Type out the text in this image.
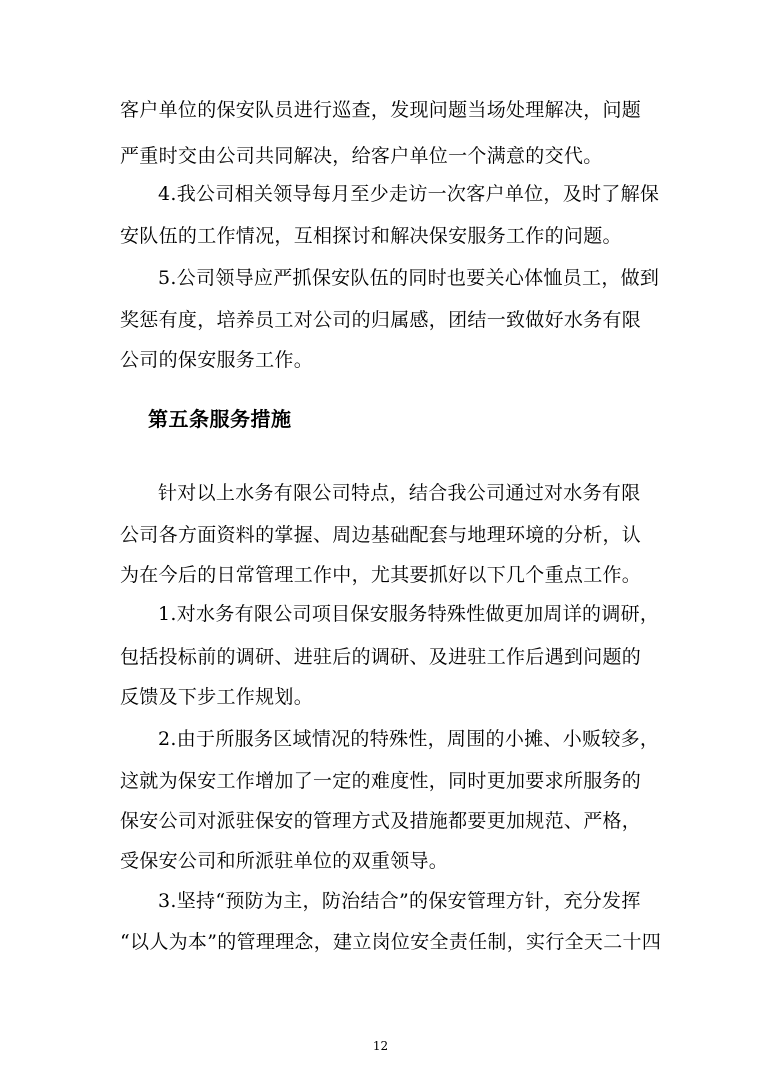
客户单位的保安队员进行巡查，发现问题当场处理解决，问题
严重时交由公司共同解决，给客户单位一个满意的交代。
4.我公司相关领导每月至少走访一次客户单位，及时了解保
安队伍的工作情况，互相探讨和解决保安服务工作的问题。
5.公司领导应严抓保安队伍的同时也要关心体恤员工，做到
奖惩有度，培养员工对公司的归属感，团结一致做好水务有限
公司的保安服务工作。
第五条服务措施
针对以上水务有限公司特点，结合我公司通过对水务有限
公司各方面资料的掌握、周边基础配套与地理环境的分析，认
为在今后的日常管理工作中，尤其要抓好以下几个重点工作。
1.对水务有限公司项目保安服务特殊性做更加周详的调研，
包括投标前的调研、进驻后的调研、及进驻工作后遇到问题的
反馈及下步工作规划。
2.由于所服务区域情况的特殊性，周围的小摊、小贩较多，
这就为保安工作增加了一定的难度性，同时更加要求所服务的
保安公司对派驻保安的管理方式及措施都要更加规范、严格，
受保安公司和所派驻单位的双重领导。
3.坚持“预防为主，防治结合”的保安管理方针，充分发挥
“以人为本”的管理理念，建立岗位安全责任制，实行全天二十四
12
